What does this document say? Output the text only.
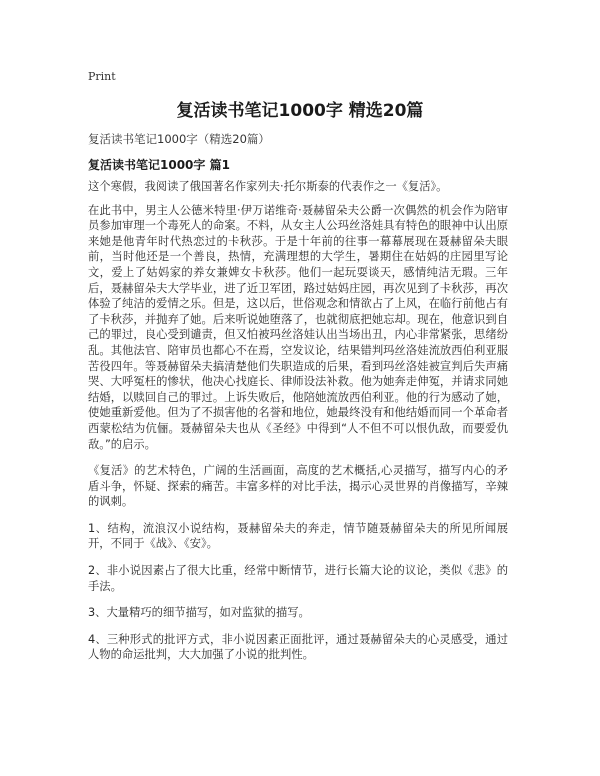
Print
复活读书笔记1000字 精选20篇

复活读书笔记1000字（精选20篇）

复活读书笔记1000字 篇1

这个寒假，我阅读了俄国著名作家列夫·托尔斯泰的代表作之一《复活》。

在此书中，男主人公德米特里·伊万诺维奇·聂赫留朵夫公爵一次偶然的机会作为陪审员参加审理一个毒死人的命案。不料，从女主人公玛丝洛娃具有特色的眼神中认出原来她是他青年时代热恋过的卡秋莎。于是十年前的往事一幕幕展现在聂赫留朵夫眼前，当时他还是一个善良，热情，充满理想的大学生，暑期住在姑妈的庄园里写论文，爱上了姑妈家的养女兼婢女卡秋莎。他们一起玩耍谈天，感情纯洁无瑕。三年后，聂赫留朵夫大学毕业，进了近卫军团，路过姑妈庄园，再次见到了卡秋莎，再次体验了纯洁的爱情之乐。但是，这以后，世俗观念和情欲占了上风，在临行前他占有了卡秋莎，并抛弃了她。后来听说她堕落了，也就彻底把她忘却。现在，他意识到自己的罪过，良心受到谴责，但又怕被玛丝洛娃认出当场出丑，内心非常紧张，思绪纷乱。其他法官、陪审员也都心不在焉，空发议论，结果错判玛丝洛娃流放西伯利亚服苦役四年。等聂赫留朵夫搞清楚他们失职造成的后果，看到玛丝洛娃被宣判后失声痛哭、大呼冤枉的惨状，他决心找庭长、律师设法补救。他为她奔走伸冤，并请求同她结婚，以赎回自己的罪过。上诉失败后，他陪她流放西伯利亚。他的行为感动了她，使她重新爱他。但为了不损害他的名誉和地位，她最终没有和他结婚而同一个革命者西蒙松结为伉俪。聂赫留朵夫也从《圣经》中得到“人不但不可以恨仇敌，而要爱仇敌。”的启示。

《复活》的艺术特色，广阔的生活画面，高度的艺术概括,心灵描写，描写内心的矛盾斗争，怀疑、探索的痛苦。丰富多样的对比手法，揭示心灵世界的肖像描写，辛辣的讽刺。

1、结构，流浪汉小说结构，聂赫留朵夫的奔走，情节随聂赫留朵夫的所见所闻展开，不同于《战》、《安》。

2、非小说因素占了很大比重，经常中断情节，进行长篇大论的议论，类似《悲》的手法。

3、大量精巧的细节描写，如对监狱的描写。

4、三种形式的批评方式，非小说因素正面批评，通过聂赫留朵夫的心灵感受，通过人物的命运批判，大大加强了小说的批判性。
